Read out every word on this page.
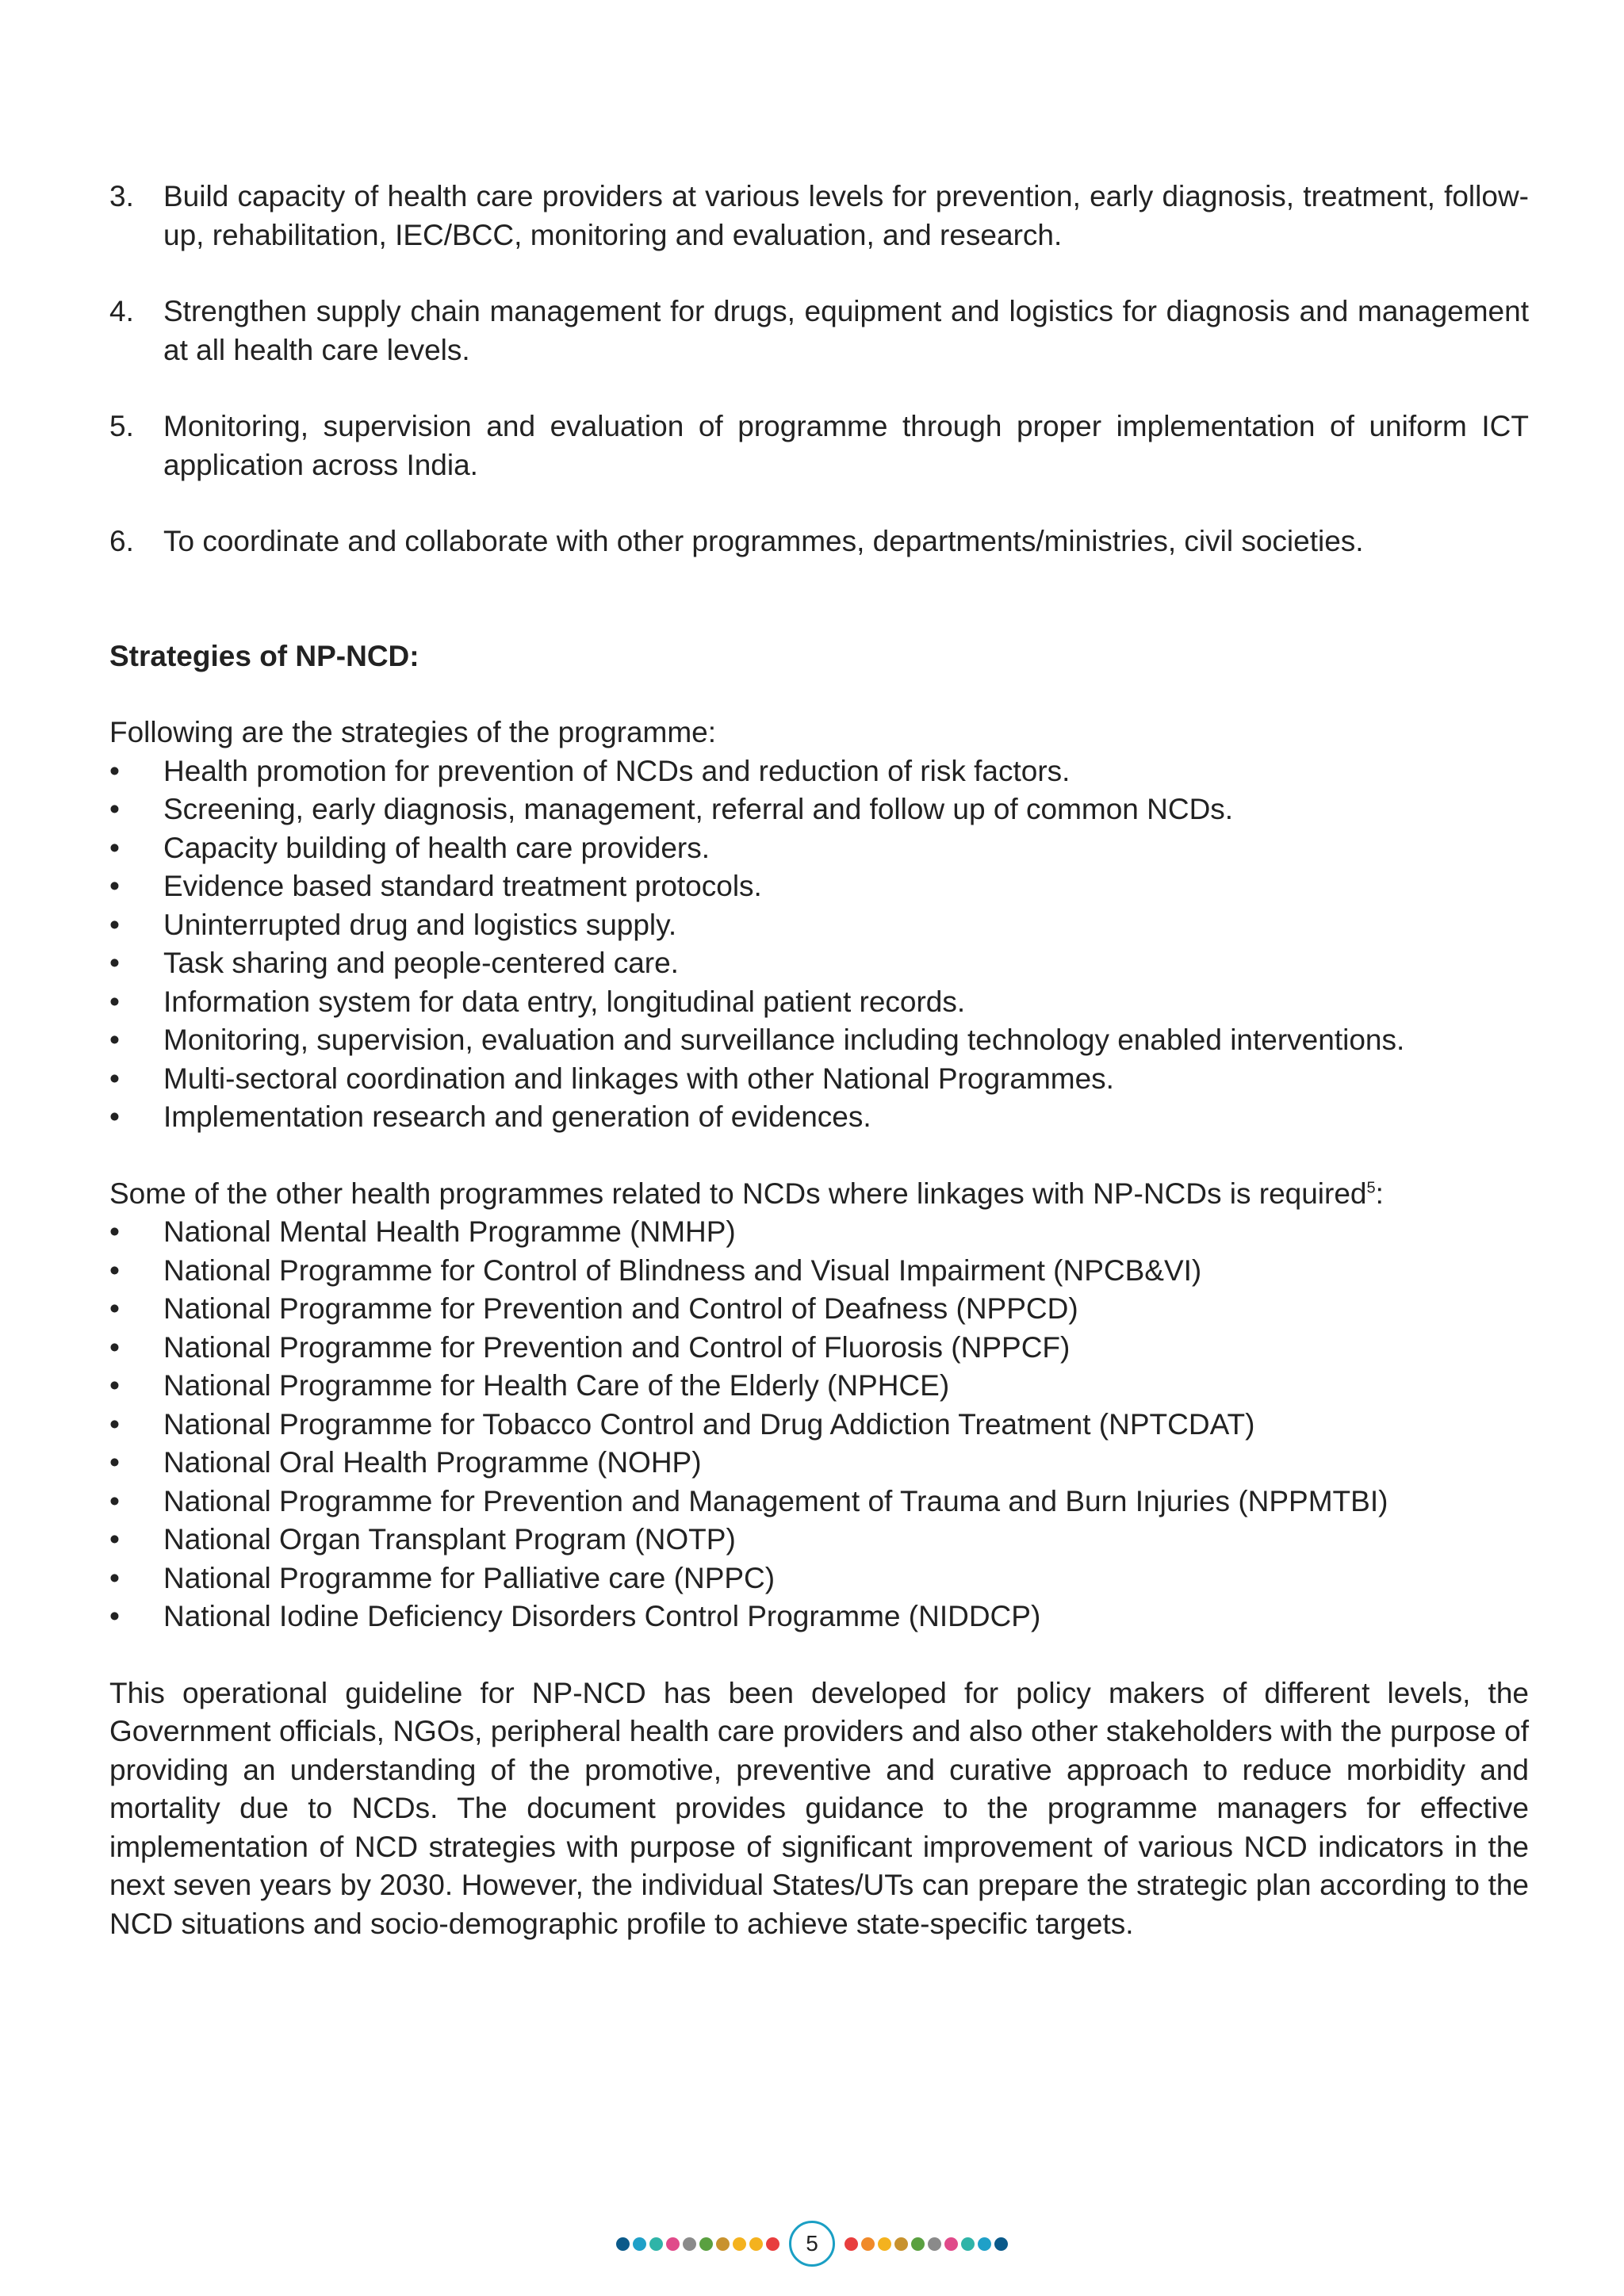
3.	Build capacity of health care providers at various levels for prevention, early diagnosis, treatment, follow-up, rehabilitation, IEC/BCC, monitoring and evaluation, and research.
4.	Strengthen supply chain management for drugs, equipment and logistics for diagnosis and management at all health care levels.
5.	Monitoring, supervision and evaluation of programme through proper implementation of uniform ICT application across India.
6.	To coordinate and collaborate with other programmes, departments/ministries, civil societies.
Strategies of NP-NCD:
Following are the strategies of the programme:
•	Health promotion for prevention of NCDs and reduction of risk factors.
•	Screening, early diagnosis, management, referral and follow up of common NCDs.
•	Capacity building of health care providers.
•	Evidence based standard treatment protocols.
•	Uninterrupted drug and logistics supply.
•	Task sharing and people-centered care.
•	Information system for data entry, longitudinal patient records.
•	Monitoring, supervision, evaluation and surveillance including technology enabled interventions.
•	Multi-sectoral coordination and linkages with other National Programmes.
•	Implementation research and generation of evidences.
Some of the other health programmes related to NCDs where linkages with NP-NCDs is required$^5$:
•	National Mental Health Programme (NMHP)
•	National Programme for Control of Blindness and Visual Impairment (NPCB&VI)
•	National Programme for Prevention and Control of Deafness (NPPCD)
•	National Programme for Prevention and Control of Fluorosis (NPPCF)
•	National Programme for Health Care of the Elderly (NPHCE)
•	National Programme for Tobacco Control and Drug Addiction Treatment (NPTCDAT)
•	National Oral Health Programme (NOHP)
•	National Programme for Prevention and Management of Trauma and Burn Injuries (NPPMTBI)
•	National Organ Transplant Program (NOTP)
•	National Programme for Palliative care (NPPC)
•	National Iodine Deficiency Disorders Control Programme (NIDDCP)

This operational guideline for NP-NCD has been developed for policy makers of different levels, the Government officials, NGOs, peripheral health care providers and also other stakeholders with the purpose of providing an understanding of the promotive, preventive and curative approach to reduce morbidity and mortality due to NCDs. The document provides guidance to the programme managers for effective implementation of NCD strategies with purpose of significant improvement of various NCD indicators in the next seven years by 2030. However, the individual States/UTs can prepare the strategic plan according to the NCD situations and socio-demographic profile to achieve state-specific targets.

5
